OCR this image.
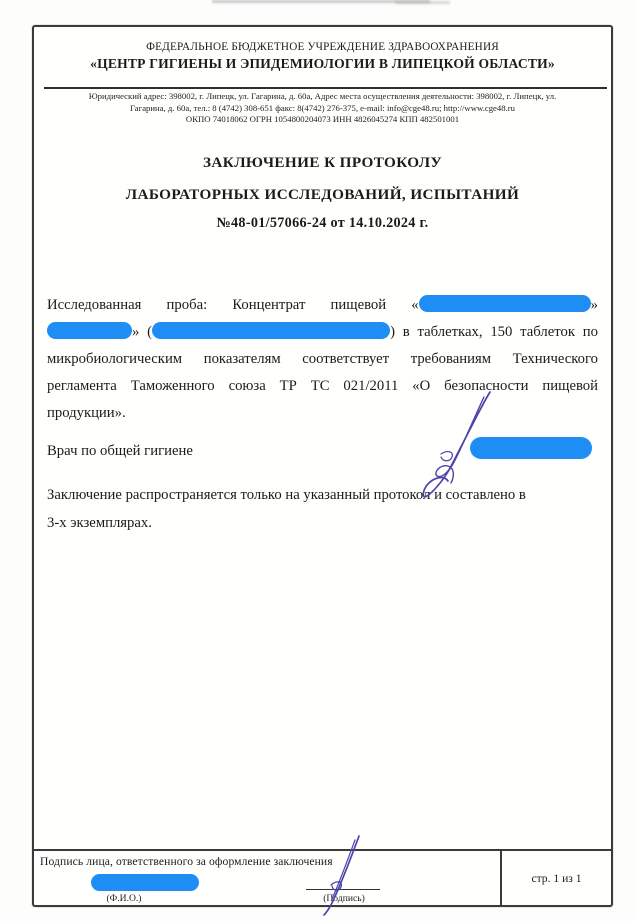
ФЕДЕРАЛЬНОЕ БЮДЖЕТНОЕ УЧРЕЖДЕНИЕ ЗДРАВООХРАНЕНИЯ
«ЦЕНТР ГИГИЕНЫ И ЭПИДЕМИОЛОГИИ В ЛИПЕЦКОЙ ОБЛАСТИ»
Юридический адрес: 398002, г. Липецк, ул. Гагарина, д. 60а, Адрес места осуществления деятельности: 398002, г. Липецк, ул.
Гагарина, д. 60а, тел.: 8 (4742) 308-651 факс: 8(4742) 276-375, e-mail: info@cge48.ru; http://www.cge48.ru
ОКПО 74018062 ОГРН 1054800204073 ИНН 4826045274 КПП 482501001
ЗАКЛЮЧЕНИЕ К ПРОТОКОЛУ
ЛАБОРАТОРНЫХ ИССЛЕДОВАНИЙ, ИСПЫТАНИЙ
№48-01/57066-24 от 14.10.2024 г.
Исследованная проба: Концентрат пищевой «	»
» (	) в таблетках, 150 таблеток по
микробиологическим показателям соответствует требованиям Технического
регламента Таможенного союза ТР ТС 021/2011 «О безопасности пищевой
продукции».
Врач по общей гигиене
Заключение распространяется только на указанный протокол и составлено в
3-х экземплярах.
Подпись лица, ответственного за оформление заключения
(Ф.И.О.)	(Подпись)
стр. 1 из 1
